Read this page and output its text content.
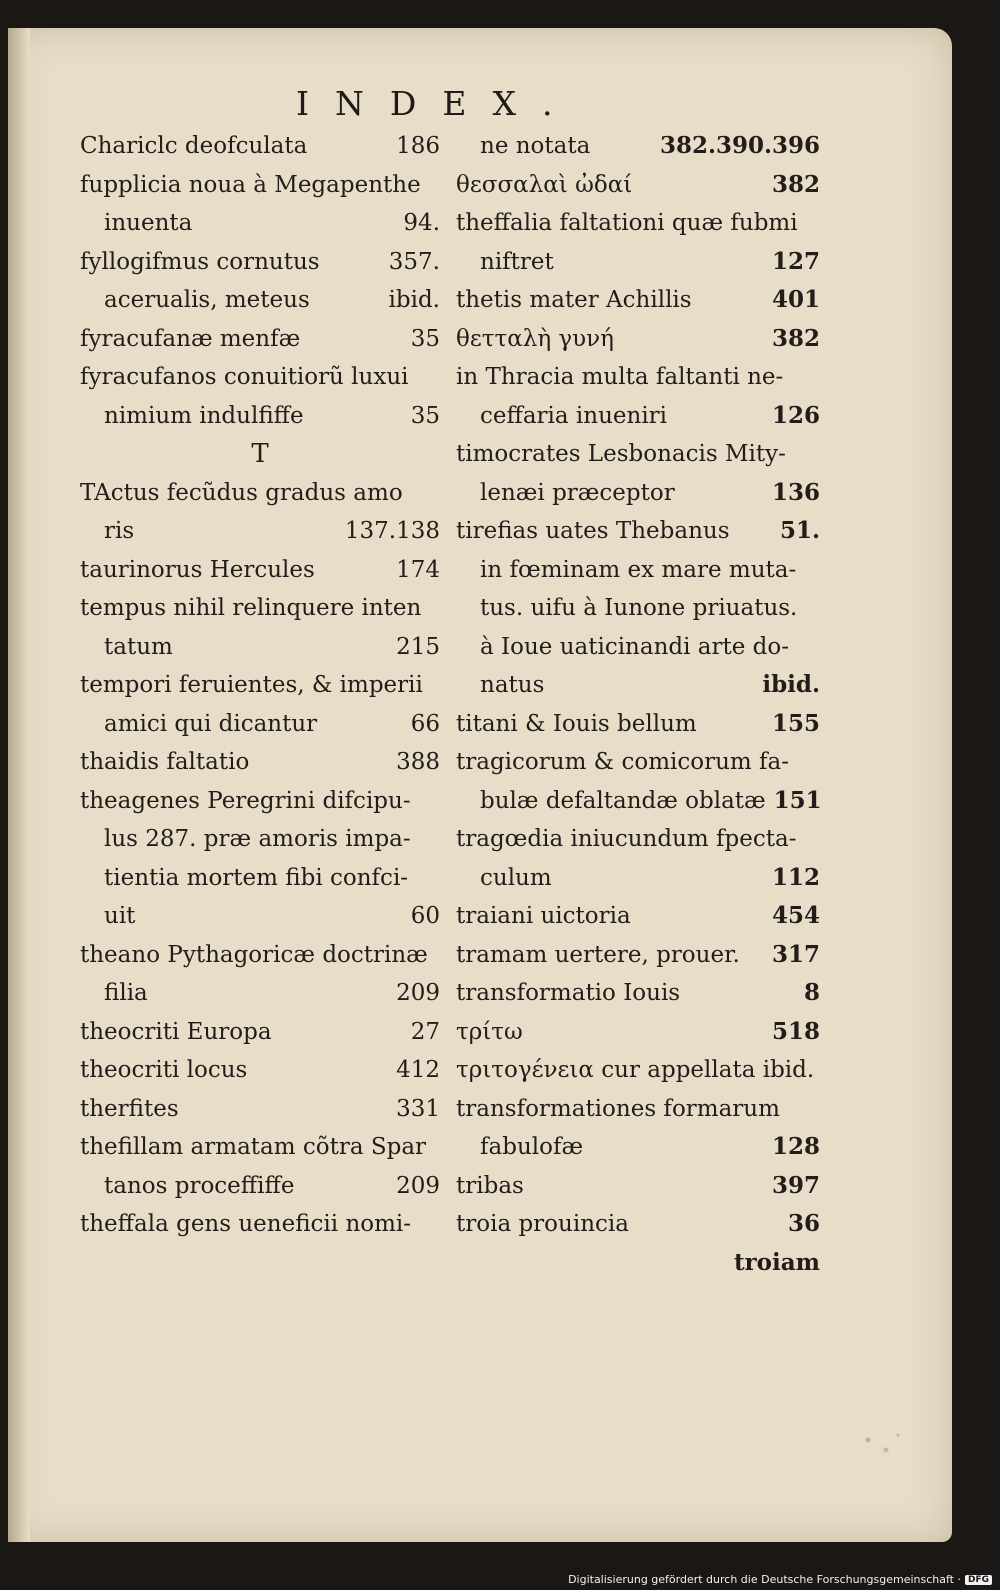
INDEX.
Chariclc deofculata	186
fupplicia noua à Megapenthe
inuenta	94.
fyllogifmus cornutus	357.
acerualis, meteus	ibid.
fyracufanæ menfæ	35
fyracufanos conuitiorũ luxui
nimium indulfiffe	35
T
TActus fecũdus gradus amo
ris	137.138
taurinorus Hercules	174
tempus nihil relinquere inten
tatum	215
tempori feruientes, & imperii
amici qui dicantur	66
thaidis faltatio	388
theagenes Peregrini difcipu-
lus 287. præ amoris impa-
tientia mortem fibi confci-
uit	60
theano Pythagoricæ doctrinæ
filia	209
theocriti Europa	27
theocriti locus	412
therfites	331
thefillam armatam cõtra Spar
tanos proceffiffe	209
theffala gens ueneficii nomi-
ne notata	382.390.396
θεσσαλαὶ ὠδαί	382
theffalia faltationi quæ fubmi
niftret	127
thetis mater Achillis	401
θετταλὴ γυνή	382
in Thracia multa faltanti ne-
ceffaria inueniri	126
timocrates Lesbonacis Mity-
lenæi præceptor	136
tirefias uates Thebanus	51.
in fœminam ex mare muta-
tus. uifu à Iunone priuatus.
à Ioue uaticinandi arte do-
natus	ibid.
titani & Iouis bellum	155
tragicorum & comicorum fa-
bulæ defaltandæ oblatæ 151
tragœdia iniucundum fpecta-
culum	112
traiani uictoria	454
tramam uertere, prouer.	317
transformatio Iouis	8
τρίτω	518
τριτογένεια cur appellata ibid.
transformationes formarum
fabulofæ	128
tribas	397
troia prouincia	36
troiam
Digitalisierung gefördert durch die Deutsche Forschungsgemeinschaft · DFG
